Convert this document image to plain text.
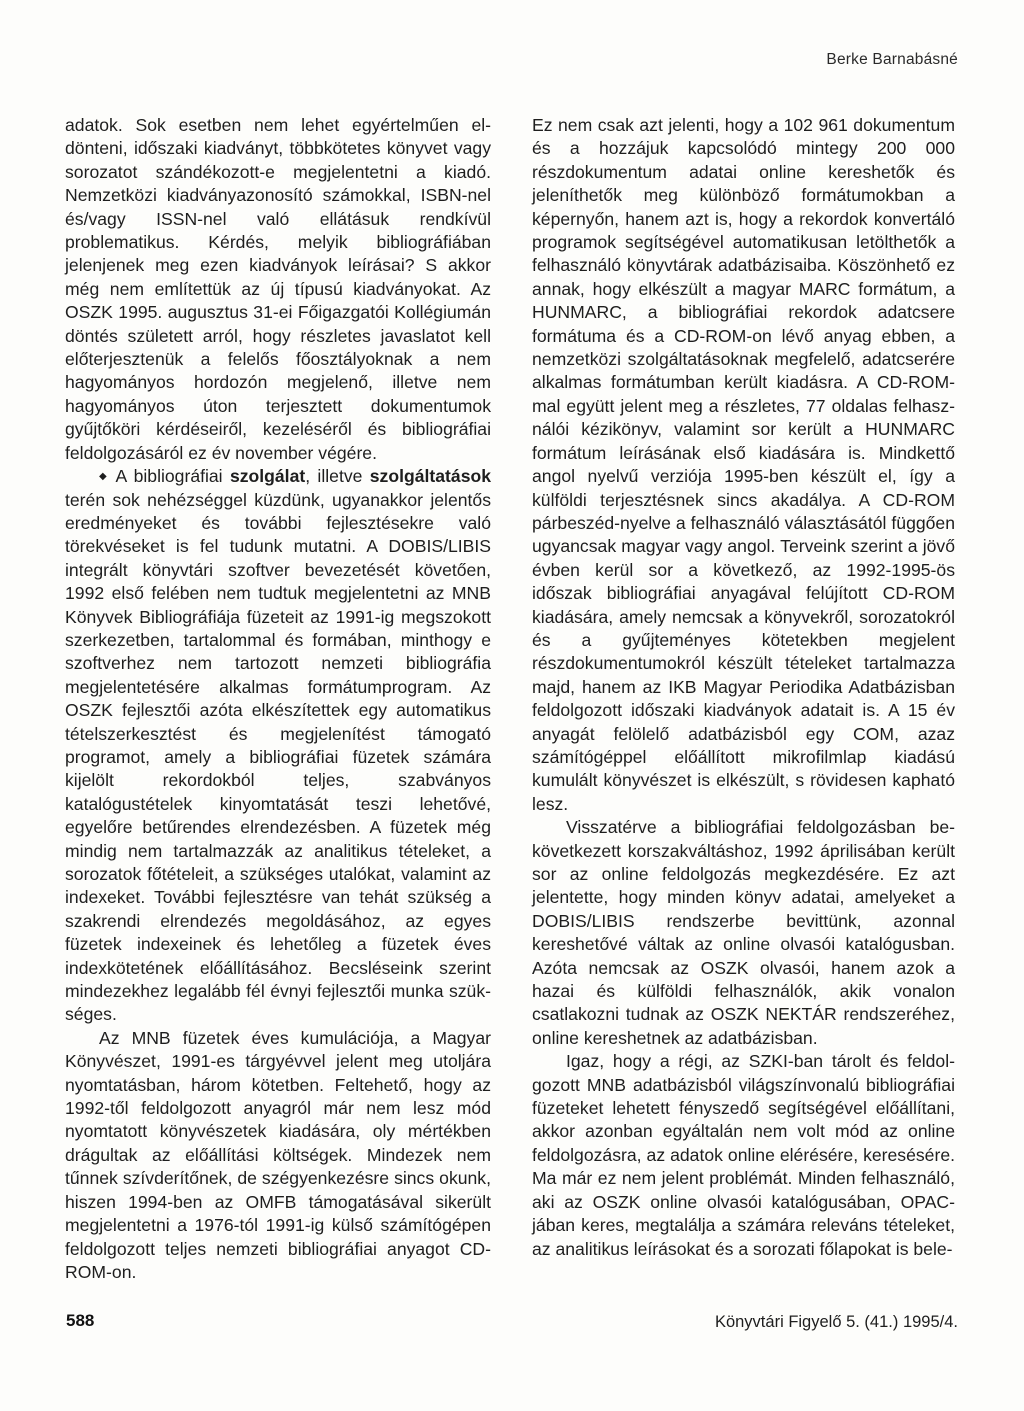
Berke Barnabásné

adatok. Sok esetben nem lehet egyértelműen eldönteni, időszaki kiadványt, többkötetes könyvet vagy sorozatot szándékozott-e megjelentetni a kiadó. Nemzetközi kiadványazonosító számokkal, ISBN-nel és/vagy ISSN-nel való ellátásuk rendkívül problematikus. Kérdés, melyik bibliográfiában jelenjenek meg ezen kiadványok leírásai? S akkor még nem említettük az új típusú kiadványokat. Az OSZK 1995. augusztus 31-ei Főigazgatói Kollégiumán döntés született arról, hogy részletes javaslatot kell előterjesztenük a felelős főosztályoknak a nem hagyományos hordozón megjelenő, illetve nem hagyományos úton terjesztett dokumentumok gyűjtőköri kérdéseiről, kezeléséről és bibliográfiai feldolgozásáról ez év november végére.

◆ A bibliográfiai szolgálat, illetve szolgáltatások terén sok nehézséggel küzdünk, ugyanakkor jelentős eredményeket és további fejlesztésekre való törekvéseket is fel tudunk mutatni. A DOBIS/LIBIS integrált könyvtári szoftver bevezetését követően, 1992 első felében nem tudtuk megjelentetni az MNB Könyvek Bibliográfiája füzeteit az 1991-ig megszokott szerkezetben, tartalommal és formában, minthogy e szoftverhez nem tartozott nemzeti bibliográfia megjelentetésére alkalmas formátumprogram. Az OSZK fejlesztői azóta elkészítettek egy automatikus tételszerkesztést és megjelenítést támogató programot, amely a bibliográfiai füzetek számára kijelölt rekordokból teljes, szabványos katalógustételek kinyomtatását teszi lehetővé, egyelőre betűrendes elrendezésben. A füzetek még mindig nem tartalmazzák az analitikus tételeket, a sorozatok főtételeit, a szükséges utalókat, valamint az indexeket. További fejlesztésre van tehát szükség a szakrendi elrendezés megoldásához, az egyes füzetek indexeinek és lehetőleg a füzetek éves indexkötetének előállításához. Becsléseink szerint mindezekhez legalább fél évnyi fejlesztői munka szükséges.

Az MNB füzetek éves kumulációja, a Magyar Könyvészet, 1991-es tárgyévvel jelent meg utoljára nyomtatásban, három kötetben. Feltehető, hogy az 1992-től feldolgozott anyagról már nem lesz mód nyomtatott könyvészetek kiadására, oly mértékben drágultak az előállítási költségek. Mindezek nem tűnnek szívderítőnek, de szégyenkezésre sincs okunk, hiszen 1994-ben az OMFB támogatásával sikerült megjelentetni a 1976-tól 1991-ig külső számítógépen feldolgozott teljes nemzeti bibliográfiai anyagot CD-ROM-on.

Ez nem csak azt jelenti, hogy a 102 961 dokumentum és a hozzájuk kapcsolódó mintegy 200 000 részdokumentum adatai online kereshetők és jeleníthetők meg különböző formátumokban a képernyőn, hanem azt is, hogy a rekordok konvertáló programok segítségével automatikusan letölthetők a felhasználó könyvtárak adatbázisaiba. Köszönhető ez annak, hogy elkészült a magyar MARC formátum, a HUNMARC, a bibliográfiai rekordok adatcsere formátuma és a CD-ROM-on lévő anyag ebben, a nemzetközi szolgáltatásoknak megfelelő, adatcserére alkalmas formátumban került kiadásra. A CD-ROM-mal együtt jelent meg a részletes, 77 oldalas felhasználói kézikönyv, valamint sor került a HUNMARC formátum leírásának első kiadására is. Mindkettő angol nyelvű verziója 1995-ben készült el, így a külföldi terjesztésnek sincs akadálya. A CD-ROM párbeszéd-nyelve a felhasználó választásától függően ugyancsak magyar vagy angol. Terveink szerint a jövő évben kerül sor a következő, az 1992-1995-ös időszak bibliográfiai anyagával felújított CD-ROM kiadására, amely nemcsak a könyvekről, sorozatokról és a gyűjteményes kötetekben megjelent részdokumentumokról készült tételeket tartalmazza majd, hanem az IKB Magyar Periodika Adatbázisban feldolgozott időszaki kiadványok adatait is. A 15 év anyagát felölelő adatbázisból egy COM, azaz számítógéppel előállított mikrofilmlap kiadású kumulált könyvészet is elkészült, s rövidesen kapható lesz.

Visszatérve a bibliográfiai feldolgozásban bekövetkezett korszakváltáshoz, 1992 áprilisában került sor az online feldolgozás megkezdésére. Ez azt jelentette, hogy minden könyv adatai, amelyeket a DOBIS/LIBIS rendszerbe bevittünk, azonnal kereshetővé váltak az online olvasói katalógusban. Azóta nemcsak az OSZK olvasói, hanem azok a hazai és külföldi felhasználók, akik vonalon csatlakozni tudnak az OSZK NEKTÁR rendszeréhez, online kereshetnek az adatbázisban.

Igaz, hogy a régi, az SZKI-ban tárolt és feldolgozott MNB adatbázisból világszínvonalú bibliográfiai füzeteket lehetett fényszedő segítségével előállítani, akkor azonban egyáltalán nem volt mód az online feldolgozásra, az adatok online elérésére, keresésére. Ma már ez nem jelent problémát. Minden felhasználó, aki az OSZK online olvasói katalógusában, OPAC-jában keres, megtalálja a számára releváns tételeket, az analitikus leírásokat és a sorozati főlapokat is bele-

588	Könyvtári Figyelő 5. (41.) 1995/4.
